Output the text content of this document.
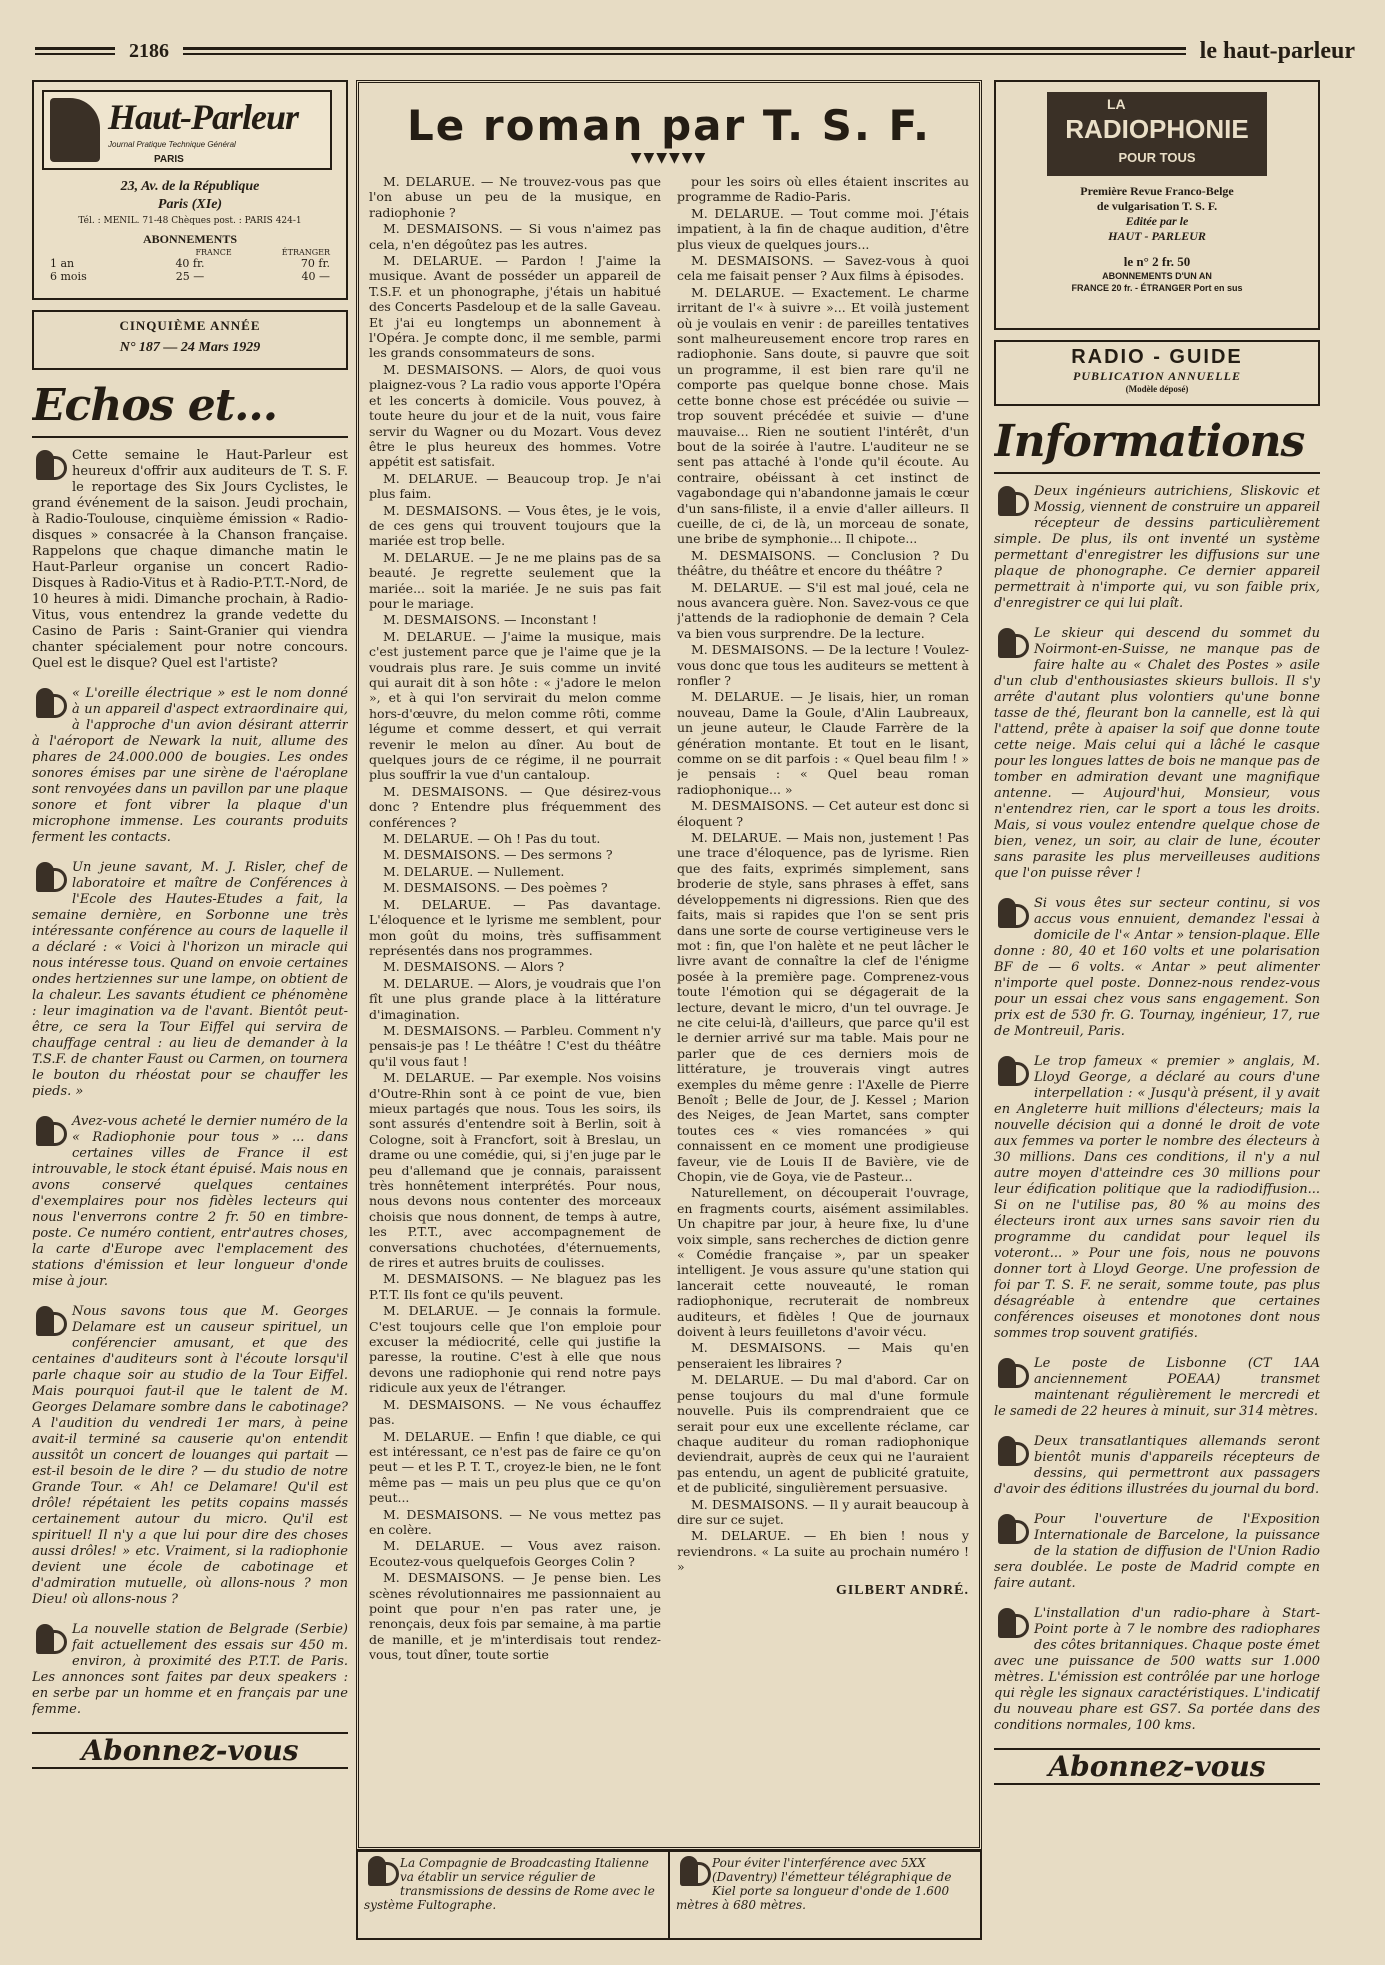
2186	le haut-parleur
Haut-Parleur
Journal Pratique Technique Général
PARIS
23, Av. de la République
Paris (XIe)
Tél. : MENIL. 71-48 Chèques post. : PARIS 424-1
ABONNEMENTS
FRANCE	ÉTRANGER
1 an	40 fr.	70 fr.
6 mois	25 —	40 —
CINQUIÈME ANNÉE
N° 187 — 24 Mars 1929
Echos et...

Cette semaine le Haut-Parleur est heureux d'offrir aux auditeurs de T. S. F. le reportage des Six Jours Cyclistes, le grand événement de la saison. Jeudi prochain, à Radio-Toulouse, cinquième émission « Radio-disques » consacrée à la Chanson française. Rappelons que chaque dimanche matin le Haut-Parleur organise un concert Radio-Disques à Radio-Vitus et à Radio-P.T.T.-Nord, de 10 heures à midi. Dimanche prochain, à Radio-Vitus, vous entendrez la grande vedette du Casino de Paris : Saint-Granier qui viendra chanter spécialement pour notre concours. Quel est le disque? Quel est l'artiste?

« L'oreille électrique » est le nom donné à un appareil d'aspect extraordinaire qui, à l'approche d'un avion désirant atterrir à l'aéroport de Newark la nuit, allume des phares de 24.000.000 de bougies. Les ondes sonores émises par une sirène de l'aéroplane sont renvoyées dans un pavillon par une plaque sonore et font vibrer la plaque d'un microphone immense. Les courants produits ferment les contacts.

Un jeune savant, M. J. Risler, chef de laboratoire et maître de Conférences à l'Ecole des Hautes-Etudes a fait, la semaine dernière, en Sorbonne une très intéressante conférence au cours de laquelle il a déclaré : « Voici à l'horizon un miracle qui nous intéresse tous. Quand on envoie certaines ondes hertziennes sur une lampe, on obtient de la chaleur. Les savants étudient ce phénomène : leur imagination va de l'avant. Bientôt peut-être, ce sera la Tour Eiffel qui servira de chauffage central : au lieu de demander à la T.S.F. de chanter Faust ou Carmen, on tournera le bouton du rhéostat pour se chauffer les pieds. »

Avez-vous acheté le dernier numéro de la « Radiophonie pour tous » ... dans certaines villes de France il est introuvable, le stock étant épuisé. Mais nous en avons conservé quelques centaines d'exemplaires pour nos fidèles lecteurs qui nous l'enverrons contre 2 fr. 50 en timbre-poste. Ce numéro contient, entr'autres choses, la carte d'Europe avec l'emplacement des stations d'émission et leur longueur d'onde mise à jour.

Nous savons tous que M. Georges Delamare est un causeur spirituel, un conférencier amusant, et que des centaines d'auditeurs sont à l'écoute lorsqu'il parle chaque soir au studio de la Tour Eiffel. Mais pourquoi faut-il que le talent de M. Georges Delamare sombre dans le cabotinage? A l'audition du vendredi 1er mars, à peine avait-il terminé sa causerie qu'on entendit aussitôt un concert de louanges qui partait — est-il besoin de le dire ? — du studio de notre Grande Tour. « Ah! ce Delamare! Qu'il est drôle! répétaient les petits copains massés certainement autour du micro. Qu'il est spirituel! Il n'y a que lui pour dire des choses aussi drôles! » etc. Vraiment, si la radiophonie devient une école de cabotinage et d'admiration mutuelle, où allons-nous ? mon Dieu! où allons-nous ?

La nouvelle station de Belgrade (Serbie) fait actuellement des essais sur 450 m. environ, à proximité des P.T.T. de Paris. Les annonces sont faites par deux speakers : en serbe par un homme et en français par une femme.

Abonnez-vous
Le roman par T. S. F.
▼▼▼▼▼▼

M. DELARUE. — Ne trouvez-vous pas que l'on abuse un peu de la musique, en radiophonie ?

M. DESMAISONS. — Si vous n'aimez pas cela, n'en dégoûtez pas les autres.

M. DELARUE. — Pardon ! J'aime la musique. Avant de posséder un appareil de T.S.F. et un phonographe, j'étais un habitué des Concerts Pasdeloup et de la salle Gaveau. Et j'ai eu longtemps un abonnement à l'Opéra. Je compte donc, il me semble, parmi les grands consommateurs de sons.

M. DESMAISONS. — Alors, de quoi vous plaignez-vous ? La radio vous apporte l'Opéra et les concerts à domicile. Vous pouvez, à toute heure du jour et de la nuit, vous faire servir du Wagner ou du Mozart. Vous devez être le plus heureux des hommes. Votre appétit est satisfait.

M. DELARUE. — Beaucoup trop. Je n'ai plus faim.

M. DESMAISONS. — Vous êtes, je le vois, de ces gens qui trouvent toujours que la mariée est trop belle.

M. DELARUE. — Je ne me plains pas de sa beauté. Je regrette seulement que la mariée... soit la mariée. Je ne suis pas fait pour le mariage.

M. DESMAISONS. — Inconstant !

M. DELARUE. — J'aime la musique, mais c'est justement parce que je l'aime que je la voudrais plus rare. Je suis comme un invité qui aurait dit à son hôte : « j'adore le melon », et à qui l'on servirait du melon comme hors-d'œuvre, du melon comme rôti, comme légume et comme dessert, et qui verrait revenir le melon au dîner. Au bout de quelques jours de ce régime, il ne pourrait plus souffrir la vue d'un cantaloup.

M. DESMAISONS. — Que désirez-vous donc ? Entendre plus fréquemment des conférences ?

M. DELARUE. — Oh ! Pas du tout.

M. DESMAISONS. — Des sermons ?

M. DELARUE. — Nullement.

M. DESMAISONS. — Des poèmes ?

M. DELARUE. — Pas davantage. L'éloquence et le lyrisme me semblent, pour mon goût du moins, très suffisamment représentés dans nos programmes.

M. DESMAISONS. — Alors ?

M. DELARUE. — Alors, je voudrais que l'on fît une plus grande place à la littérature d'imagination.

M. DESMAISONS. — Parbleu. Comment n'y pensais-je pas ! Le théâtre ! C'est du théâtre qu'il vous faut !

M. DELARUE. — Par exemple. Nos voisins d'Outre-Rhin sont à ce point de vue, bien mieux partagés que nous. Tous les soirs, ils sont assurés d'entendre soit à Berlin, soit à Cologne, soit à Francfort, soit à Breslau, un drame ou une comédie, qui, si j'en juge par le peu d'allemand que je connais, paraissent très honnêtement interprétés. Pour nous, nous devons nous contenter des morceaux choisis que nous donnent, de temps à autre, les P.T.T., avec accompagnement de conversations chuchotées, d'éternuements, de rires et autres bruits de coulisses.

M. DESMAISONS. — Ne blaguez pas les P.T.T. Ils font ce qu'ils peuvent.

M. DELARUE. — Je connais la formule. C'est toujours celle que l'on emploie pour excuser la médiocrité, celle qui justifie la paresse, la routine. C'est à elle que nous devons une radiophonie qui rend notre pays ridicule aux yeux de l'étranger.

M. DESMAISONS. — Ne vous échauffez pas.

M. DELARUE. — Enfin ! que diable, ce qui est intéressant, ce n'est pas de faire ce qu'on peut — et les P. T. T., croyez-le bien, ne le font même pas — mais un peu plus que ce qu'on peut...

M. DESMAISONS. — Ne vous mettez pas en colère.

M. DELARUE. — Vous avez raison. Ecoutez-vous quelquefois Georges Colin ?

M. DESMAISONS. — Je pense bien. Les scènes révolutionnaires me passionnaient au point que pour n'en pas rater une, je renonçais, deux fois par semaine, à ma partie de manille, et je m'interdisais tout rendez-vous, tout dîner, toute sortie

pour les soirs où elles étaient inscrites au programme de Radio-Paris.

M. DELARUE. — Tout comme moi. J'étais impatient, à la fin de chaque audition, d'être plus vieux de quelques jours...

M. DESMAISONS. — Savez-vous à quoi cela me faisait penser ? Aux films à épisodes.

M. DELARUE. — Exactement. Le charme irritant de l'« à suivre »... Et voilà justement où je voulais en venir : de pareilles tentatives sont malheureusement encore trop rares en radiophonie. Sans doute, si pauvre que soit un programme, il est bien rare qu'il ne comporte pas quelque bonne chose. Mais cette bonne chose est précédée ou suivie — trop souvent précédée et suivie — d'une mauvaise... Rien ne soutient l'intérêt, d'un bout de la soirée à l'autre. L'auditeur ne se sent pas attaché à l'onde qu'il écoute. Au contraire, obéissant à cet instinct de vagabondage qui n'abandonne jamais le cœur d'un sans-filiste, il a envie d'aller ailleurs. Il cueille, de ci, de là, un morceau de sonate, une bribe de symphonie... Il chipote...

M. DESMAISONS. — Conclusion ? Du théâtre, du théâtre et encore du théâtre ?

M. DELARUE. — S'il est mal joué, cela ne nous avancera guère. Non. Savez-vous ce que j'attends de la radiophonie de demain ? Cela va bien vous surprendre. De la lecture.

M. DESMAISONS. — De la lecture ! Voulez-vous donc que tous les auditeurs se mettent à ronfler ?

M. DELARUE. — Je lisais, hier, un roman nouveau, Dame la Goule, d'Alin Laubreaux, un jeune auteur, le Claude Farrère de la génération montante. Et tout en le lisant, comme on se dit parfois : « Quel beau film ! » je pensais : « Quel beau roman radiophonique... »

M. DESMAISONS. — Cet auteur est donc si éloquent ?

M. DELARUE. — Mais non, justement ! Pas une trace d'éloquence, pas de lyrisme. Rien que des faits, exprimés simplement, sans broderie de style, sans phrases à effet, sans développements ni digressions. Rien que des faits, mais si rapides que l'on se sent pris dans une sorte de course vertigineuse vers le mot : fin, que l'on halète et ne peut lâcher le livre avant de connaître la clef de l'énigme posée à la première page. Comprenez-vous toute l'émotion qui se dégagerait de la lecture, devant le micro, d'un tel ouvrage. Je ne cite celui-là, d'ailleurs, que parce qu'il est le dernier arrivé sur ma table. Mais pour ne parler que de ces derniers mois de littérature, je trouverais vingt autres exemples du même genre : l'Axelle de Pierre Benoît ; Belle de Jour, de J. Kessel ; Marion des Neiges, de Jean Martet, sans compter toutes ces « vies romancées » qui connaissent en ce moment une prodigieuse faveur, vie de Louis II de Bavière, vie de Chopin, vie de Goya, vie de Pasteur...

Naturellement, on découperait l'ouvrage, en fragments courts, aisément assimilables. Un chapitre par jour, à heure fixe, lu d'une voix simple, sans recherches de diction genre « Comédie française », par un speaker intelligent. Je vous assure qu'une station qui lancerait cette nouveauté, le roman radiophonique, recruterait de nombreux auditeurs, et fidèles ! Que de journaux doivent à leurs feuilletons d'avoir vécu.

M. DESMAISONS. — Mais qu'en penseraient les libraires ?

M. DELARUE. — Du mal d'abord. Car on pense toujours du mal d'une formule nouvelle. Puis ils comprendraient que ce serait pour eux une excellente réclame, car chaque auditeur du roman radiophonique deviendrait, auprès de ceux qui ne l'auraient pas entendu, un agent de publicité gratuite, et de publicité, singulièrement persuasive.

M. DESMAISONS. — Il y aurait beaucoup à dire sur ce sujet.

M. DELARUE. — Eh bien ! nous y reviendrons. « La suite au prochain numéro ! »

GILBERT ANDRÉ.
La Compagnie de Broadcasting Italienne va établir un service régulier de transmissions de dessins de Rome avec le système Fultographe.
Pour éviter l'interférence avec 5XX (Daventry) l'émetteur télégraphique de Kiel porte sa longueur d'onde de 1.600 mètres à 680 mètres.
LA
RADIOPHONIE
POUR TOUS
Première Revue Franco-Belge
de vulgarisation T. S. F.
Editée par le
HAUT - PARLEUR
le n° 2 fr. 50
ABONNEMENTS D'UN AN
FRANCE 20 fr. - ÉTRANGER Port en sus
RADIO - GUIDE
PUBLICATION ANNUELLE
(Modèle déposé)
Informations

Deux ingénieurs autrichiens, Sliskovic et Mossig, viennent de construire un appareil récepteur de dessins particulièrement simple. De plus, ils ont inventé un système permettant d'enregistrer les diffusions sur une plaque de phonographe. Ce dernier appareil permettrait à n'importe qui, vu son faible prix, d'enregistrer ce qui lui plaît.

Le skieur qui descend du sommet du Noirmont-en-Suisse, ne manque pas de faire halte au « Chalet des Postes » asile d'un club d'enthousiastes skieurs bullois. Il s'y arrête d'autant plus volontiers qu'une bonne tasse de thé, fleurant bon la cannelle, est là qui l'attend, prête à apaiser la soif que donne toute cette neige. Mais celui qui a lâché le casque pour les longues lattes de bois ne manque pas de tomber en admiration devant une magnifique antenne. — Aujourd'hui, Monsieur, vous n'entendrez rien, car le sport a tous les droits. Mais, si vous voulez entendre quelque chose de bien, venez, un soir, au clair de lune, écouter sans parasite les plus merveilleuses auditions que l'on puisse rêver !

Si vous êtes sur secteur continu, si vos accus vous ennuient, demandez l'essai à domicile de l'« Antar » tension-plaque. Elle donne : 80, 40 et 160 volts et une polarisation BF de — 6 volts. « Antar » peut alimenter n'importe quel poste. Donnez-nous rendez-vous pour un essai chez vous sans engagement. Son prix est de 530 fr. G. Tournay, ingénieur, 17, rue de Montreuil, Paris.

Le trop fameux « premier » anglais, M. Lloyd George, a déclaré au cours d'une interpellation : « Jusqu'à présent, il y avait en Angleterre huit millions d'électeurs; mais la nouvelle décision qui a donné le droit de vote aux femmes va porter le nombre des électeurs à 30 millions. Dans ces conditions, il n'y a nul autre moyen d'atteindre ces 30 millions pour leur édification politique que la radiodiffusion... Si on ne l'utilise pas, 80 % au moins des électeurs iront aux urnes sans savoir rien du programme du candidat pour lequel ils voteront... » Pour une fois, nous ne pouvons donner tort à Lloyd George. Une profession de foi par T. S. F. ne serait, somme toute, pas plus désagréable à entendre que certaines conférences oiseuses et monotones dont nous sommes trop souvent gratifiés.

Le poste de Lisbonne (CT 1AA anciennement POEAA) transmet maintenant régulièrement le mercredi et le samedi de 22 heures à minuit, sur 314 mètres.

Deux transatlantiques allemands seront bientôt munis d'appareils récepteurs de dessins, qui permettront aux passagers d'avoir des éditions illustrées du journal du bord.

Pour l'ouverture de l'Exposition Internationale de Barcelone, la puissance de la station de diffusion de l'Union Radio sera doublée. Le poste de Madrid compte en faire autant.

L'installation d'un radio-phare à Start-Point porte à 7 le nombre des radiophares des côtes britanniques. Chaque poste émet avec une puissance de 500 watts sur 1.000 mètres. L'émission est contrôlée par une horloge qui règle les signaux caractéristiques. L'indicatif du nouveau phare est GS7. Sa portée dans des conditions normales, 100 kms.

Abonnez-vous
